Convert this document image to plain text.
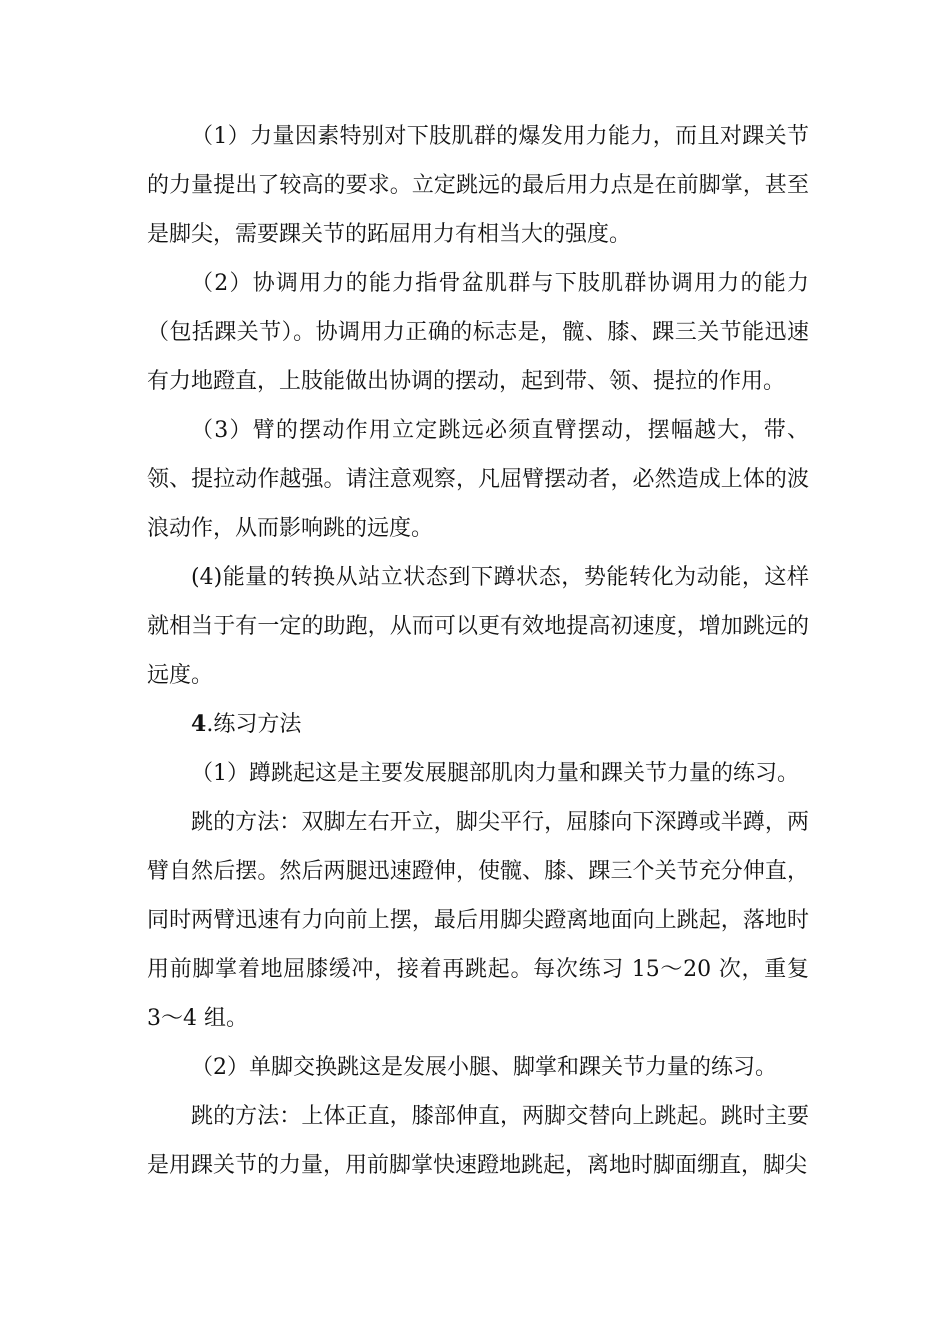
（1）力量因素特别对下肢肌群的爆发用力能力，而且对踝关节的力量提出了较高的要求。立定跳远的最后用力点是在前脚掌，甚至是脚尖，需要踝关节的跖屈用力有相当大的强度。

（2）协调用力的能力指骨盆肌群与下肢肌群协调用力的能力（包括踝关节）。协调用力正确的标志是，髋、膝、踝三关节能迅速有力地蹬直，上肢能做出协调的摆动，起到带、领、提拉的作用。

（3）臂的摆动作用立定跳远必须直臂摆动，摆幅越大，带、领、提拉动作越强。请注意观察，凡屈臂摆动者，必然造成上体的波浪动作，从而影响跳的远度。

(4)能量的转换从站立状态到下蹲状态，势能转化为动能，这样就相当于有一定的助跑，从而可以更有效地提高初速度，增加跳远的远度。

4.练习方法

（1）蹲跳起这是主要发展腿部肌肉力量和踝关节力量的练习。

跳的方法：双脚左右开立，脚尖平行，屈膝向下深蹲或半蹲，两臂自然后摆。然后两腿迅速蹬伸，使髋、膝、踝三个关节充分伸直，同时两臂迅速有力向前上摆，最后用脚尖蹬离地面向上跳起，落地时用前脚掌着地屈膝缓冲，接着再跳起。每次练习 15～20 次，重复 3～4 组。

（2）单脚交换跳这是发展小腿、脚掌和踝关节力量的练习。

跳的方法：上体正直，膝部伸直，两脚交替向上跳起。跳时主要是用踝关节的力量，用前脚掌快速蹬地跳起，离地时脚面绷直，脚尖
